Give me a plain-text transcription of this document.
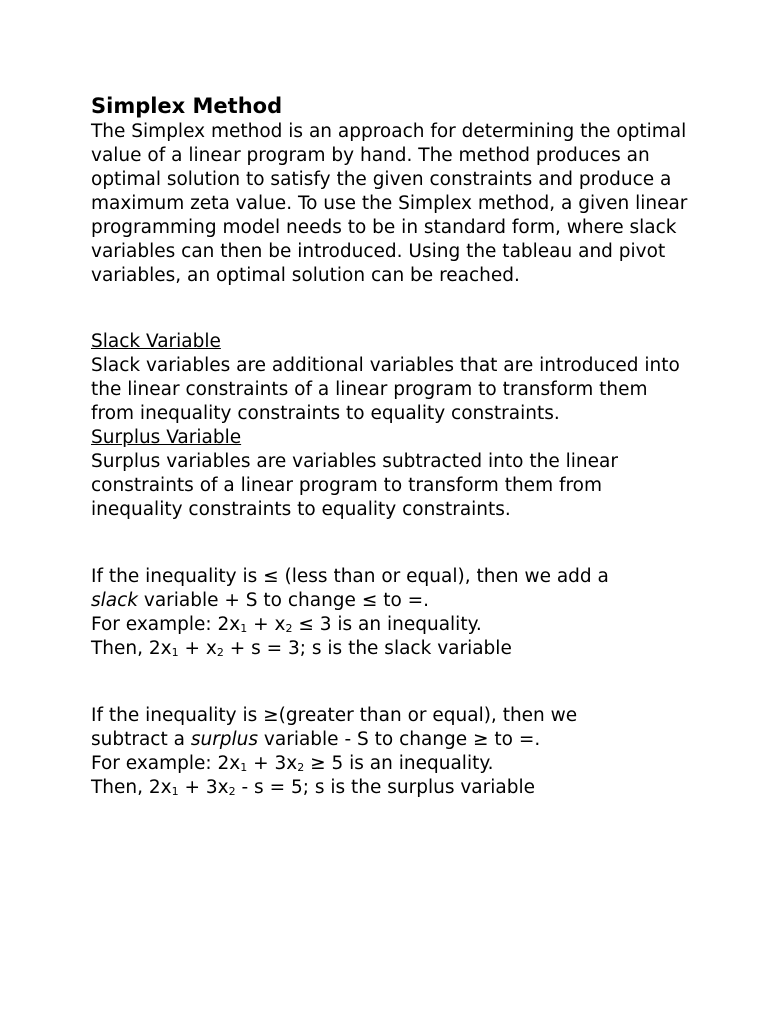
Simplex Method

The Simplex method is an approach for determining the optimal value of a linear program by hand. The method produces an optimal solution to satisfy the given constraints and produce a maximum zeta value. To use the Simplex method, a given linear programming model needs to be in standard form, where slack variables can then be introduced. Using the tableau and pivot variables, an optimal solution can be reached.

Slack Variable

Slack variables are additional variables that are introduced into the linear constraints of a linear program to transform them from inequality constraints to equality constraints.

Surplus Variable

Surplus variables are variables subtracted into the linear constraints of a linear program to transform them from inequality constraints to equality constraints.

If the inequality is ≤ (less than or equal), then we add a
slack variable + S to change ≤ to =.

For example: $2x_1 + x_2 \le 3$ is an inequality.

Then, $2x_1 + x_2 + s = 3$; s is the slack variable

If the inequality is ≥(greater than or equal), then we
subtract a surplus variable - S to change ≥ to =.

For example: $2x_1 + 3x_2 \ge 5$ is an inequality.

Then, $2x_1 + 3x_2 - s = 5$; s is the surplus variable
